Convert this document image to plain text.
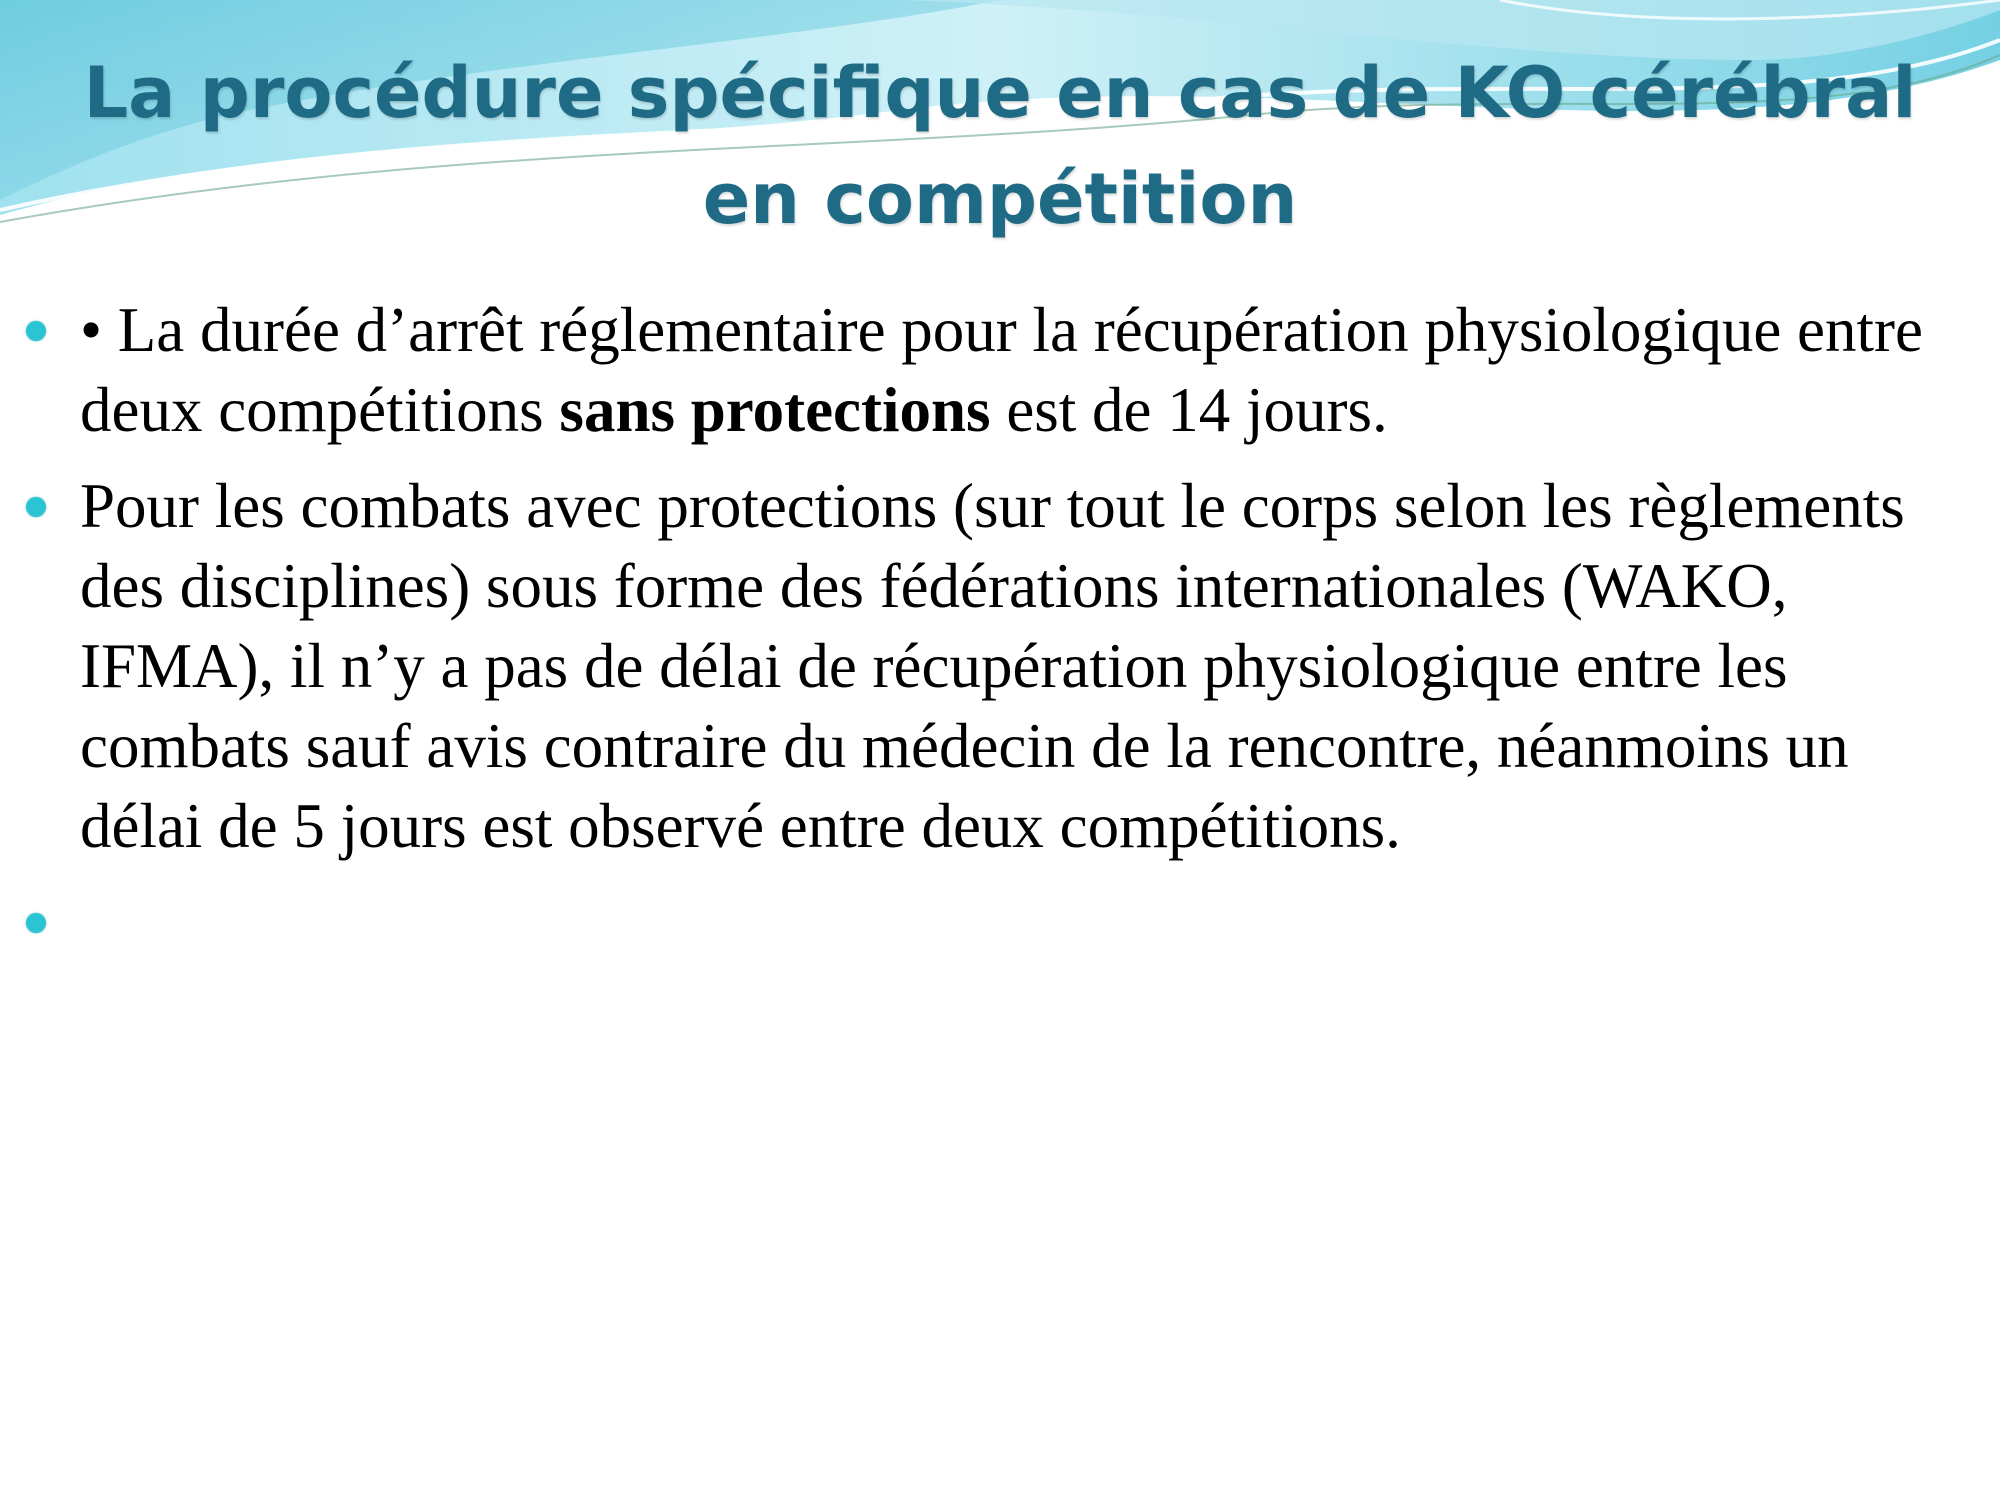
La procédure spécifique en cas de KO cérébral
en compétition
• La durée d’arrêt réglementaire pour la récupération physiologique entre deux compétitions sans protections est de 14 jours.
Pour les combats avec protections (sur tout le corps selon les règlements des disciplines) sous forme des fédérations internationales (WAKO, IFMA), il n’y a pas de délai de récupération physiologique entre les combats sauf avis contraire du médecin de la rencontre, néanmoins un délai de 5 jours est observé entre deux compétitions.
